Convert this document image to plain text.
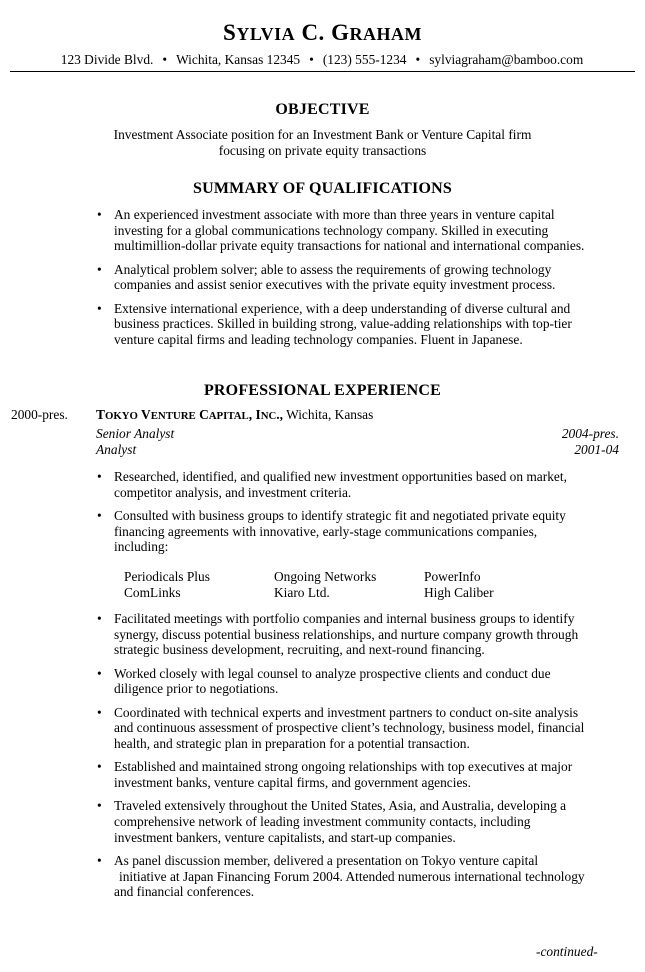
SYLVIA C. GRAHAM
123 Divide Blvd. • Wichita, Kansas 12345 • (123) 555-1234 • sylviagraham@bamboo.com
OBJECTIVE
Investment Associate position for an Investment Bank or Venture Capital firm
focusing on private equity transactions
SUMMARY OF QUALIFICATIONS
• An experienced investment associate with more than three years in venture capital
investing for a global communications technology company. Skilled in executing
multimillion-dollar private equity transactions for national and international companies.
• Analytical problem solver; able to assess the requirements of growing technology
companies and assist senior executives with the private equity investment process.
• Extensive international experience, with a deep understanding of diverse cultural and
business practices. Skilled in building strong, value-adding relationships with top-tier
venture capital firms and leading technology companies. Fluent in Japanese.
PROFESSIONAL EXPERIENCE
2000-pres. TOKYO VENTURE CAPITAL, INC., Wichita, Kansas
Senior Analyst	2004-pres.
Analyst	2001-04
• Researched, identified, and qualified new investment opportunities based on market,
competitor analysis, and investment criteria.
• Consulted with business groups to identify strategic fit and negotiated private equity
financing agreements with innovative, early-stage communications companies,
including:
Periodicals Plus	Ongoing Networks	PowerInfo
ComLinks	Kiaro Ltd.	High Caliber
• Facilitated meetings with portfolio companies and internal business groups to identify
synergy, discuss potential business relationships, and nurture company growth through
strategic business development, recruiting, and next-round financing.
• Worked closely with legal counsel to analyze prospective clients and conduct due
diligence prior to negotiations.
• Coordinated with technical experts and investment partners to conduct on-site analysis
and continuous assessment of prospective client’s technology, business model, financial
health, and strategic plan in preparation for a potential transaction.
• Established and maintained strong ongoing relationships with top executives at major
investment banks, venture capital firms, and government agencies.
• Traveled extensively throughout the United States, Asia, and Australia, developing a
comprehensive network of leading investment community contacts, including
investment bankers, venture capitalists, and start-up companies.
• As panel discussion member, delivered a presentation on Tokyo venture capital
initiative at Japan Financing Forum 2004. Attended numerous international technology
and financial conferences.
-continued-
